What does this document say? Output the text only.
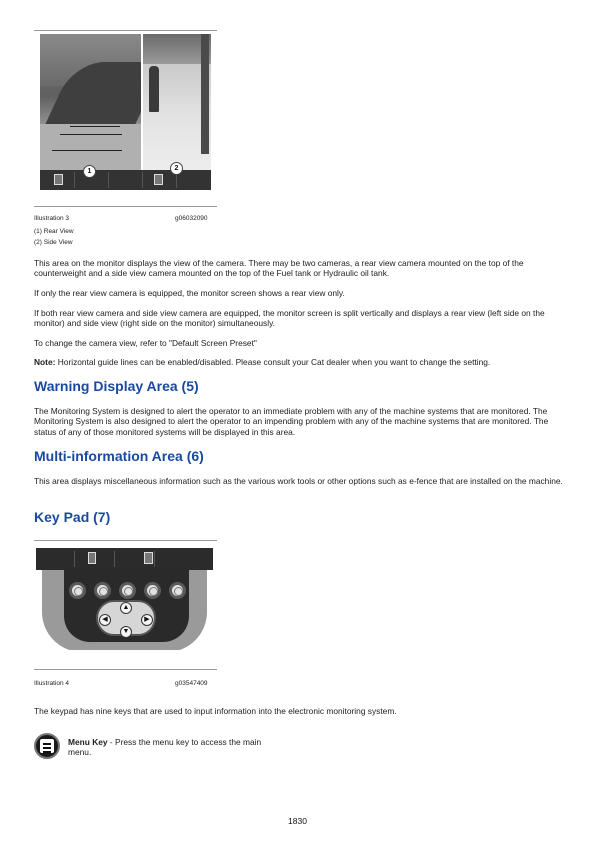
1	2
Illustration 3	g06032090
(1) Rear View
(2) Side View
This area on the monitor displays the view of the camera. There may be two cameras, a rear view camera mounted on the top of the counterweight and a side view camera mounted on the top of the Fuel tank or Hydraulic oil tank.
If only the rear view camera is equipped, the monitor screen shows a rear view only.
If both rear view camera and side view camera are equipped, the monitor screen is split vertically and displays a rear view (left side on the monitor) and side view (right side on the monitor) simultaneously.
To change the camera view, refer to "Default Screen Preset"
Note: Horizontal guide lines can be enabled/disabled. Please consult your Cat dealer when you want to change the setting.
Warning Display Area (5)
The Monitoring System is designed to alert the operator to an immediate problem with any of the machine systems that are monitored. The Monitoring System is also designed to alert the operator to an impending problem with any of the machine systems that are monitored. The status of any of those monitored systems will be displayed in this area.
Multi-information Area (6)
This area displays miscellaneous information such as the various work tools or other options such as e-fence that are installed on the machine.
Key Pad (7)
▲
▼
◀	▶
Illustration 4	g03547409
The keypad has nine keys that are used to input information into the electronic monitoring system.
Menu Key - Press the menu key to access the main menu.
1830
